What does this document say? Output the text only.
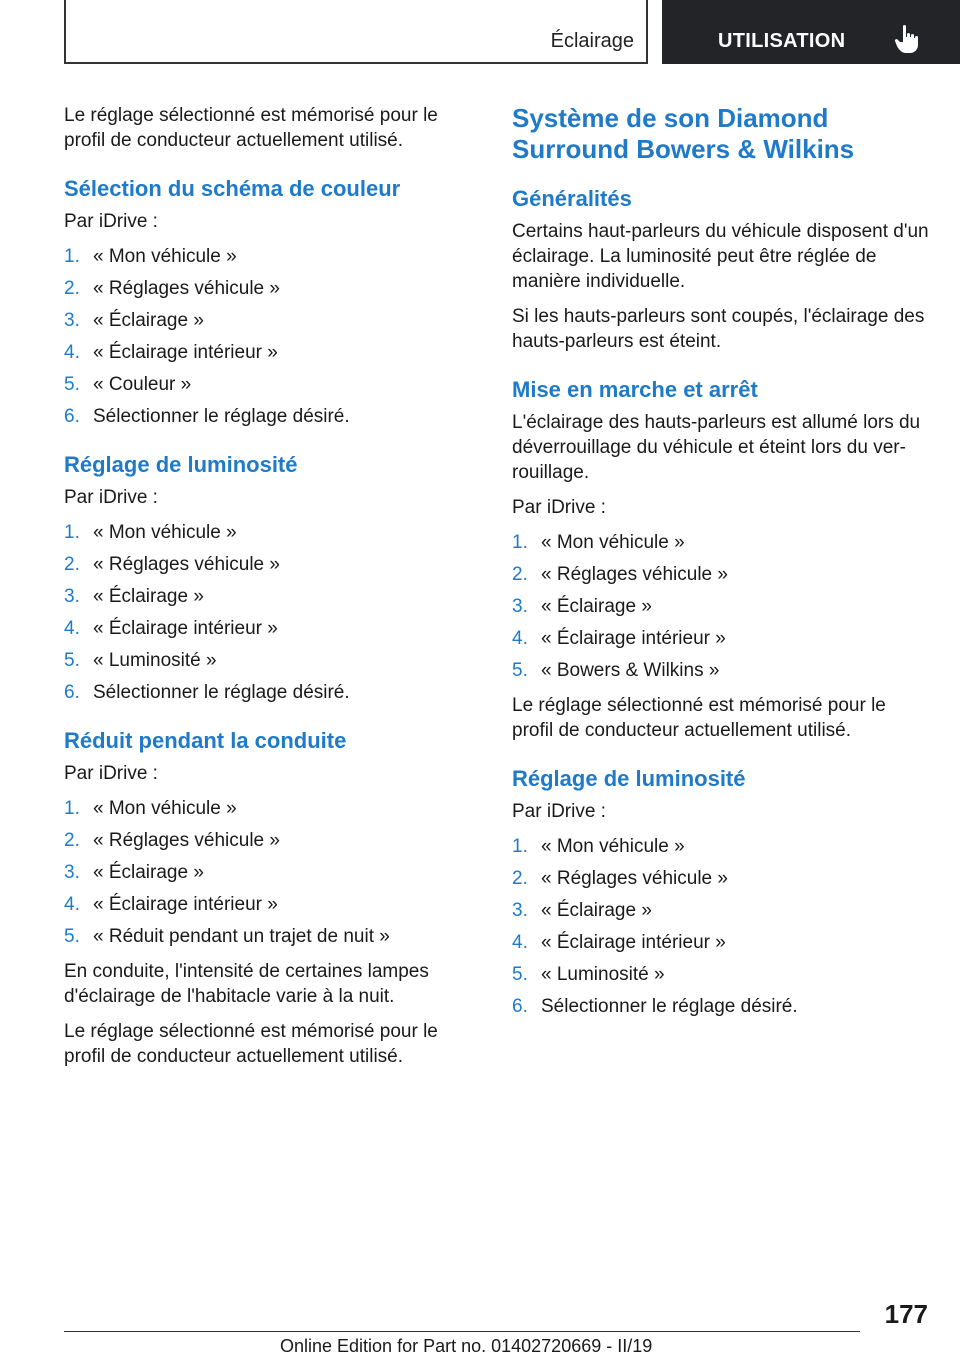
Éclairage	UTILISATION

Le réglage sélectionné est mémorisé pour le profil de conducteur actuellement utilisé.

Sélection du schéma de couleur

Par iDrive :

1. « Mon véhicule »
2. « Réglages véhicule »
3. « Éclairage »
4. « Éclairage intérieur »
5. « Couleur »
6. Sélectionner le réglage désiré.
Réglage de luminosité

Par iDrive :

1. « Mon véhicule »
2. « Réglages véhicule »
3. « Éclairage »
4. « Éclairage intérieur »
5. « Luminosité »
6. Sélectionner le réglage désiré.
Réduit pendant la conduite

Par iDrive :

1. « Mon véhicule »
2. « Réglages véhicule »
3. « Éclairage »
4. « Éclairage intérieur »
5. « Réduit pendant un trajet de nuit »

En conduite, l'intensité de certaines lampes d'éclairage de l'habitacle varie à la nuit.

Le réglage sélectionné est mémorisé pour le profil de conducteur actuellement utilisé.

Système de son Diamond Surround Bowers & Wilkins
Généralités

Certains haut-parleurs du véhicule disposent d'un éclairage. La luminosité peut être réglée de manière individuelle.

Si les hauts-parleurs sont coupés, l'éclairage des hauts-parleurs est éteint.

Mise en marche et arrêt

L'éclairage des hauts-parleurs est allumé lors du déverrouillage du véhicule et éteint lors du ver‐rouillage.

Par iDrive :

1. « Mon véhicule »
2. « Réglages véhicule »
3. « Éclairage »
4. « Éclairage intérieur »
5. « Bowers & Wilkins »

Le réglage sélectionné est mémorisé pour le profil de conducteur actuellement utilisé.

Réglage de luminosité

Par iDrive :

1. « Mon véhicule »
2. « Réglages véhicule »
3. « Éclairage »
4. « Éclairage intérieur »
5. « Luminosité »
6. Sélectionner le réglage désiré.
177
Online Edition for Part no. 01402720669 - II/19
